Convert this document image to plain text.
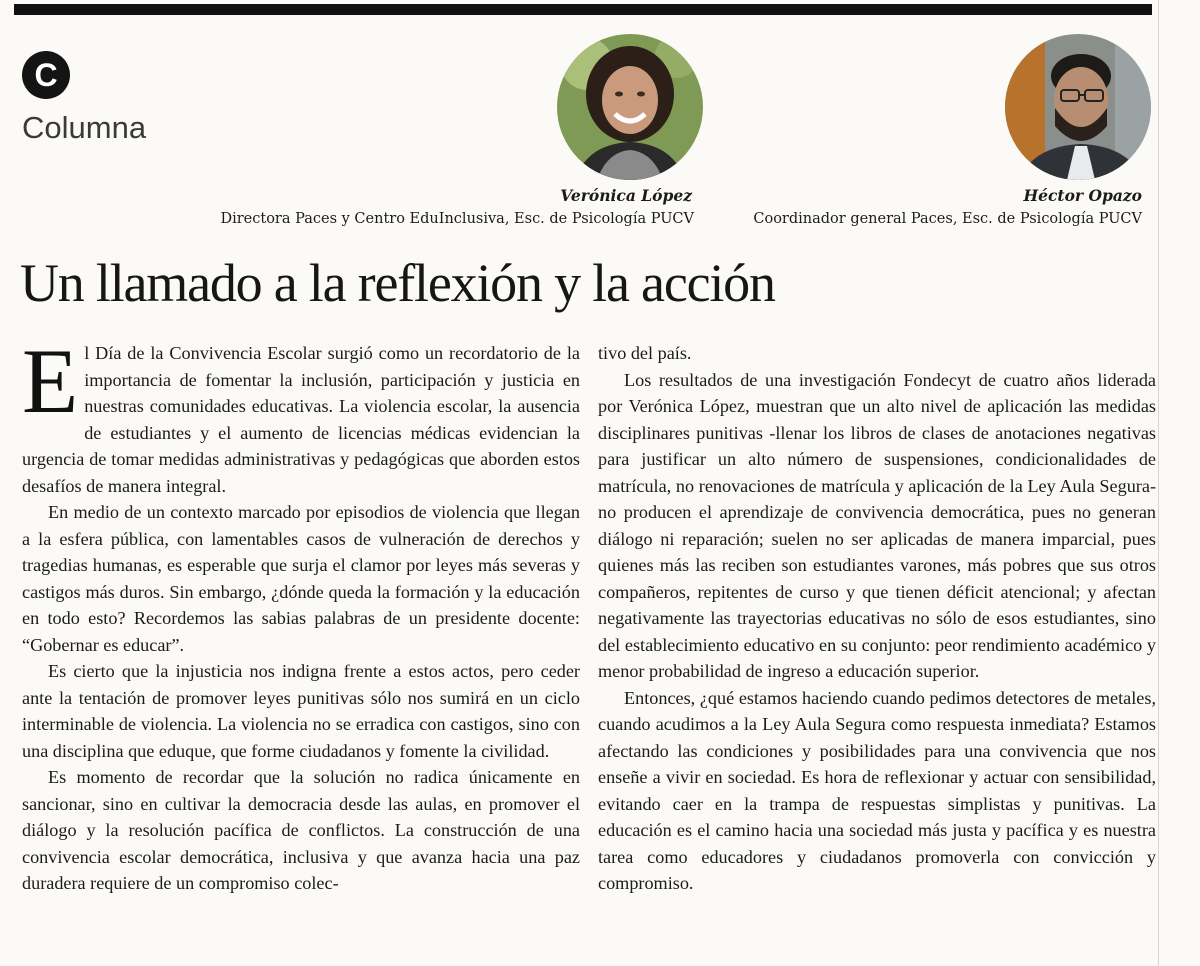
C
Columna
Verónica López
Directora Paces y Centro EduInclusiva, Esc. de Psicología PUCV
Héctor Opazo
Coordinador general Paces, Esc. de Psicología PUCV
Un llamado a la reflexión y la acción

El Día de la Convivencia Escolar surgió como un recordatorio de la importancia de fomentar la inclusión, participación y justicia en nuestras comunidades educativas. La violencia escolar, la ausencia de estudiantes y el aumento de licencias médicas evidencian la urgencia de tomar medidas administrativas y pedagógicas que aborden estos desafíos de manera integral.

En medio de un contexto marcado por episodios de violencia que llegan a la esfera pública, con lamentables casos de vulneración de derechos y tragedias humanas, es esperable que surja el clamor por leyes más severas y castigos más duros. Sin embargo, ¿dónde queda la formación y la educación en todo esto? Recordemos las sabias palabras de un presidente docente: “Gobernar es educar”.

Es cierto que la injusticia nos indigna frente a estos actos, pero ceder ante la tentación de promover leyes punitivas sólo nos sumirá en un ciclo interminable de violencia. La violencia no se erradica con castigos, sino con una disciplina que eduque, que forme ciudadanos y fomente la civilidad.

Es momento de recordar que la solución no radica únicamente en sancionar, sino en cultivar la democracia desde las aulas, en promover el diálogo y la resolución pacífica de conflictos. La construcción de una convivencia escolar democrática, inclusiva y que avanza hacia una paz duradera requiere de un compromiso colec-

tivo del país.

Los resultados de una investigación Fondecyt de cuatro años liderada por Verónica López, muestran que un alto nivel de aplicación las medidas disciplinares punitivas -llenar los libros de clases de anotaciones negativas para justificar un alto número de suspensiones, condicionalidades de matrícula, no renovaciones de matrícula y aplicación de la Ley Aula Segura- no producen el aprendizaje de convivencia democrática, pues no generan diálogo ni reparación; suelen no ser aplicadas de manera imparcial, pues quienes más las reciben son estudiantes varones, más pobres que sus otros compañeros, repitentes de curso y que tienen déficit atencional; y afectan negativamente las trayectorias educativas no sólo de esos estudiantes, sino del establecimiento educativo en su conjunto: peor rendimiento académico y menor probabilidad de ingreso a educación superior.

Entonces, ¿qué estamos haciendo cuando pedimos detectores de metales, cuando acudimos a la Ley Aula Segura como respuesta inmediata? Estamos afectando las condiciones y posibilidades para una convivencia que nos enseñe a vivir en sociedad. Es hora de reflexionar y actuar con sensibilidad, evitando caer en la trampa de respuestas simplistas y punitivas. La educación es el camino hacia una sociedad más justa y pacífica y es nuestra tarea como educadores y ciudadanos promoverla con convicción y compromiso.
